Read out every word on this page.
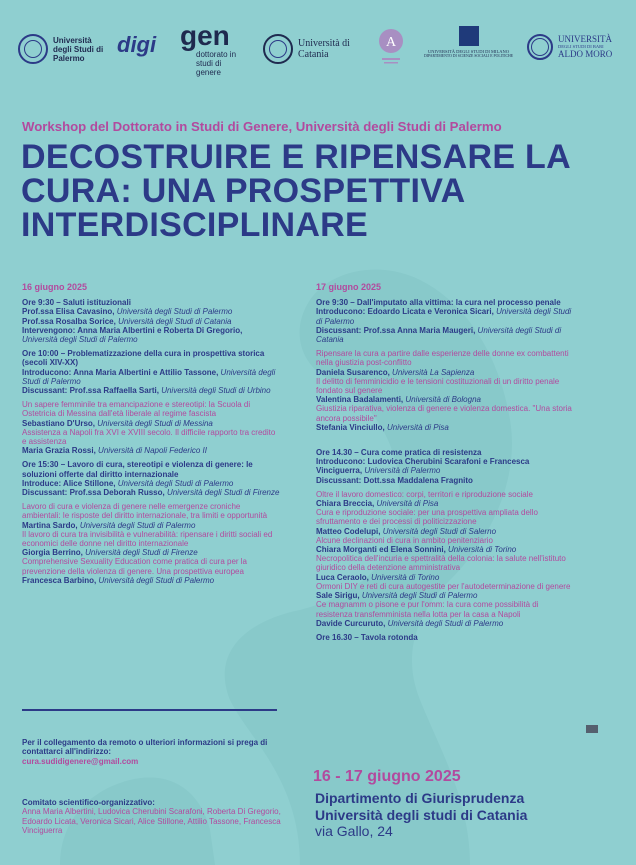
Università degli Studi di Palermo
digi gen
dottorato in studi di genere
Università di Catania
A
UNIVERSITÀ DEGLI STUDI DI MILANO
DIPARTIMENTO DI SCIENZE SOCIALI E POLITICHE
UNIVERSITÀ
DEGLI STUDI DI BARI
ALDO MORO
Workshop del Dottorato in Studi di Genere, Università degli Studi di Palermo
DECOSTRUIRE E RIPENSARE LA
CURA: UNA PROSPETTIVA
INTERDISCIPLINARE
16 giugno 2025
Ore 9:30 – Saluti istituzionali
Prof.ssa Elisa Cavasino, Università degli Studi di Palermo
Prof.ssa Rosalba Sorice, Università degli Studi di Catania
Intervengono: Anna Maria Albertini e Roberta Di Gregorio, Università degli Studi di Palermo
Ore 10:00 – Problematizzazione della cura in prospettiva storica (secoli XIV-XX)
Introducono: Anna Maria Albertini e Attilio Tassone, Università degli Studi di Palermo
Discussant: Prof.ssa Raffaella Sarti, Università degli Studi di Urbino
Un sapere femminile tra emancipazione e stereotipi: la Scuola di Ostetricia di Messina dall'età liberale al regime fascista
Sebastiano D'Urso, Università degli Studi di Messina
Assistenza a Napoli fra XVI e XVIII secolo. Il difficile rapporto tra credito e assistenza
Maria Grazia Rossi, Università di Napoli Federico II
Ore 15:30 – Lavoro di cura, stereotipi e violenza di genere: le soluzioni offerte dal diritto internazionale
Introduce: Alice Stillone, Università degli Studi di Palermo
Discussant: Prof.ssa Deborah Russo, Università degli Studi di Firenze
Lavoro di cura e violenza di genere nelle emergenze croniche ambientali: le risposte del diritto internazionale, tra limiti e opportunità
Martina Sardo, Università degli Studi di Palermo
Il lavoro di cura tra invisibilità e vulnerabilità: ripensare i diritti sociali ed economici delle donne nel diritto internazionale
Giorgia Berrino, Università degli Studi di Firenze
Comprehensive Sexuality Education come pratica di cura per la prevenzione della violenza di genere. Una prospettiva europea
Francesca Barbino, Università degli Studi di Palermo
17 giugno 2025
Ore 9:30 – Dall'imputato alla vittima: la cura nel processo penale
Introducono: Edoardo Licata e Veronica Sicari, Università degli Studi di Palermo
Discussant: Prof.ssa Anna Maria Maugeri, Università degli Studi di Catania
Ripensare la cura a partire dalle esperienze delle donne ex combattenti nella giustizia post-conflitto
Daniela Susarenco, Università La Sapienza
Il delitto di femminicidio e le tensioni costituzionali di un diritto penale fondato sul genere
Valentina Badalamenti, Università di Bologna
Giustizia riparativa, violenza di genere e violenza domestica. "Una storia ancora possibile"
Stefania Vinciullo, Università di Pisa
Ore 14.30 – Cura come pratica di resistenza
Introducono: Ludovica Cherubini Scarafoni e Francesca Vinciguerra, Università di Palermo
Discussant: Dott.ssa Maddalena Fragnito
Oltre il lavoro domestico: corpi, territori e riproduzione sociale
Chiara Breccia, Università di Pisa
Cura e riproduzione sociale: per una prospettiva ampliata dello sfruttamento e dei processi di politicizzazione
Matteo Codelupi, Università degli Studi di Salerno
Alcune declinazioni di cura in ambito penitenziario
Chiara Morganti ed Elena Sonnini, Università di Torino
Necropolitica dell'incuria e spettralità della colonia: la salute nell'istituto giuridico della detenzione amministrativa
Luca Ceraolo, Università di Torino
Ormoni DIY e reti di cura autogestite per l'autodeterminazione di genere
Sale Sirigu, Università degli Studi di Palermo
Ce magnamm o pisone e pur l'omm: la cura come possibilità di resistenza transfemminista nella lotta per la casa a Napoli
Davide Curcuruto, Università degli Studi di Palermo
Ore 16.30 – Tavola rotonda
Per il collegamento da remoto o ulteriori informazioni si prega di contattarci all'indirizzo:
cura.sudidigenere@gmail.com
Comitato scientifico-organizzativo:
Anna Maria Albertini, Ludovica Cherubini Scarafoni, Roberta Di Gregorio, Edoardo Licata, Veronica Sicari, Alice Stillone, Attilio Tassone, Francesca Vinciguerra
16 - 17 giugno 2025
Dipartimento di Giurisprudenza
Università degli studi di Catania
via Gallo, 24
